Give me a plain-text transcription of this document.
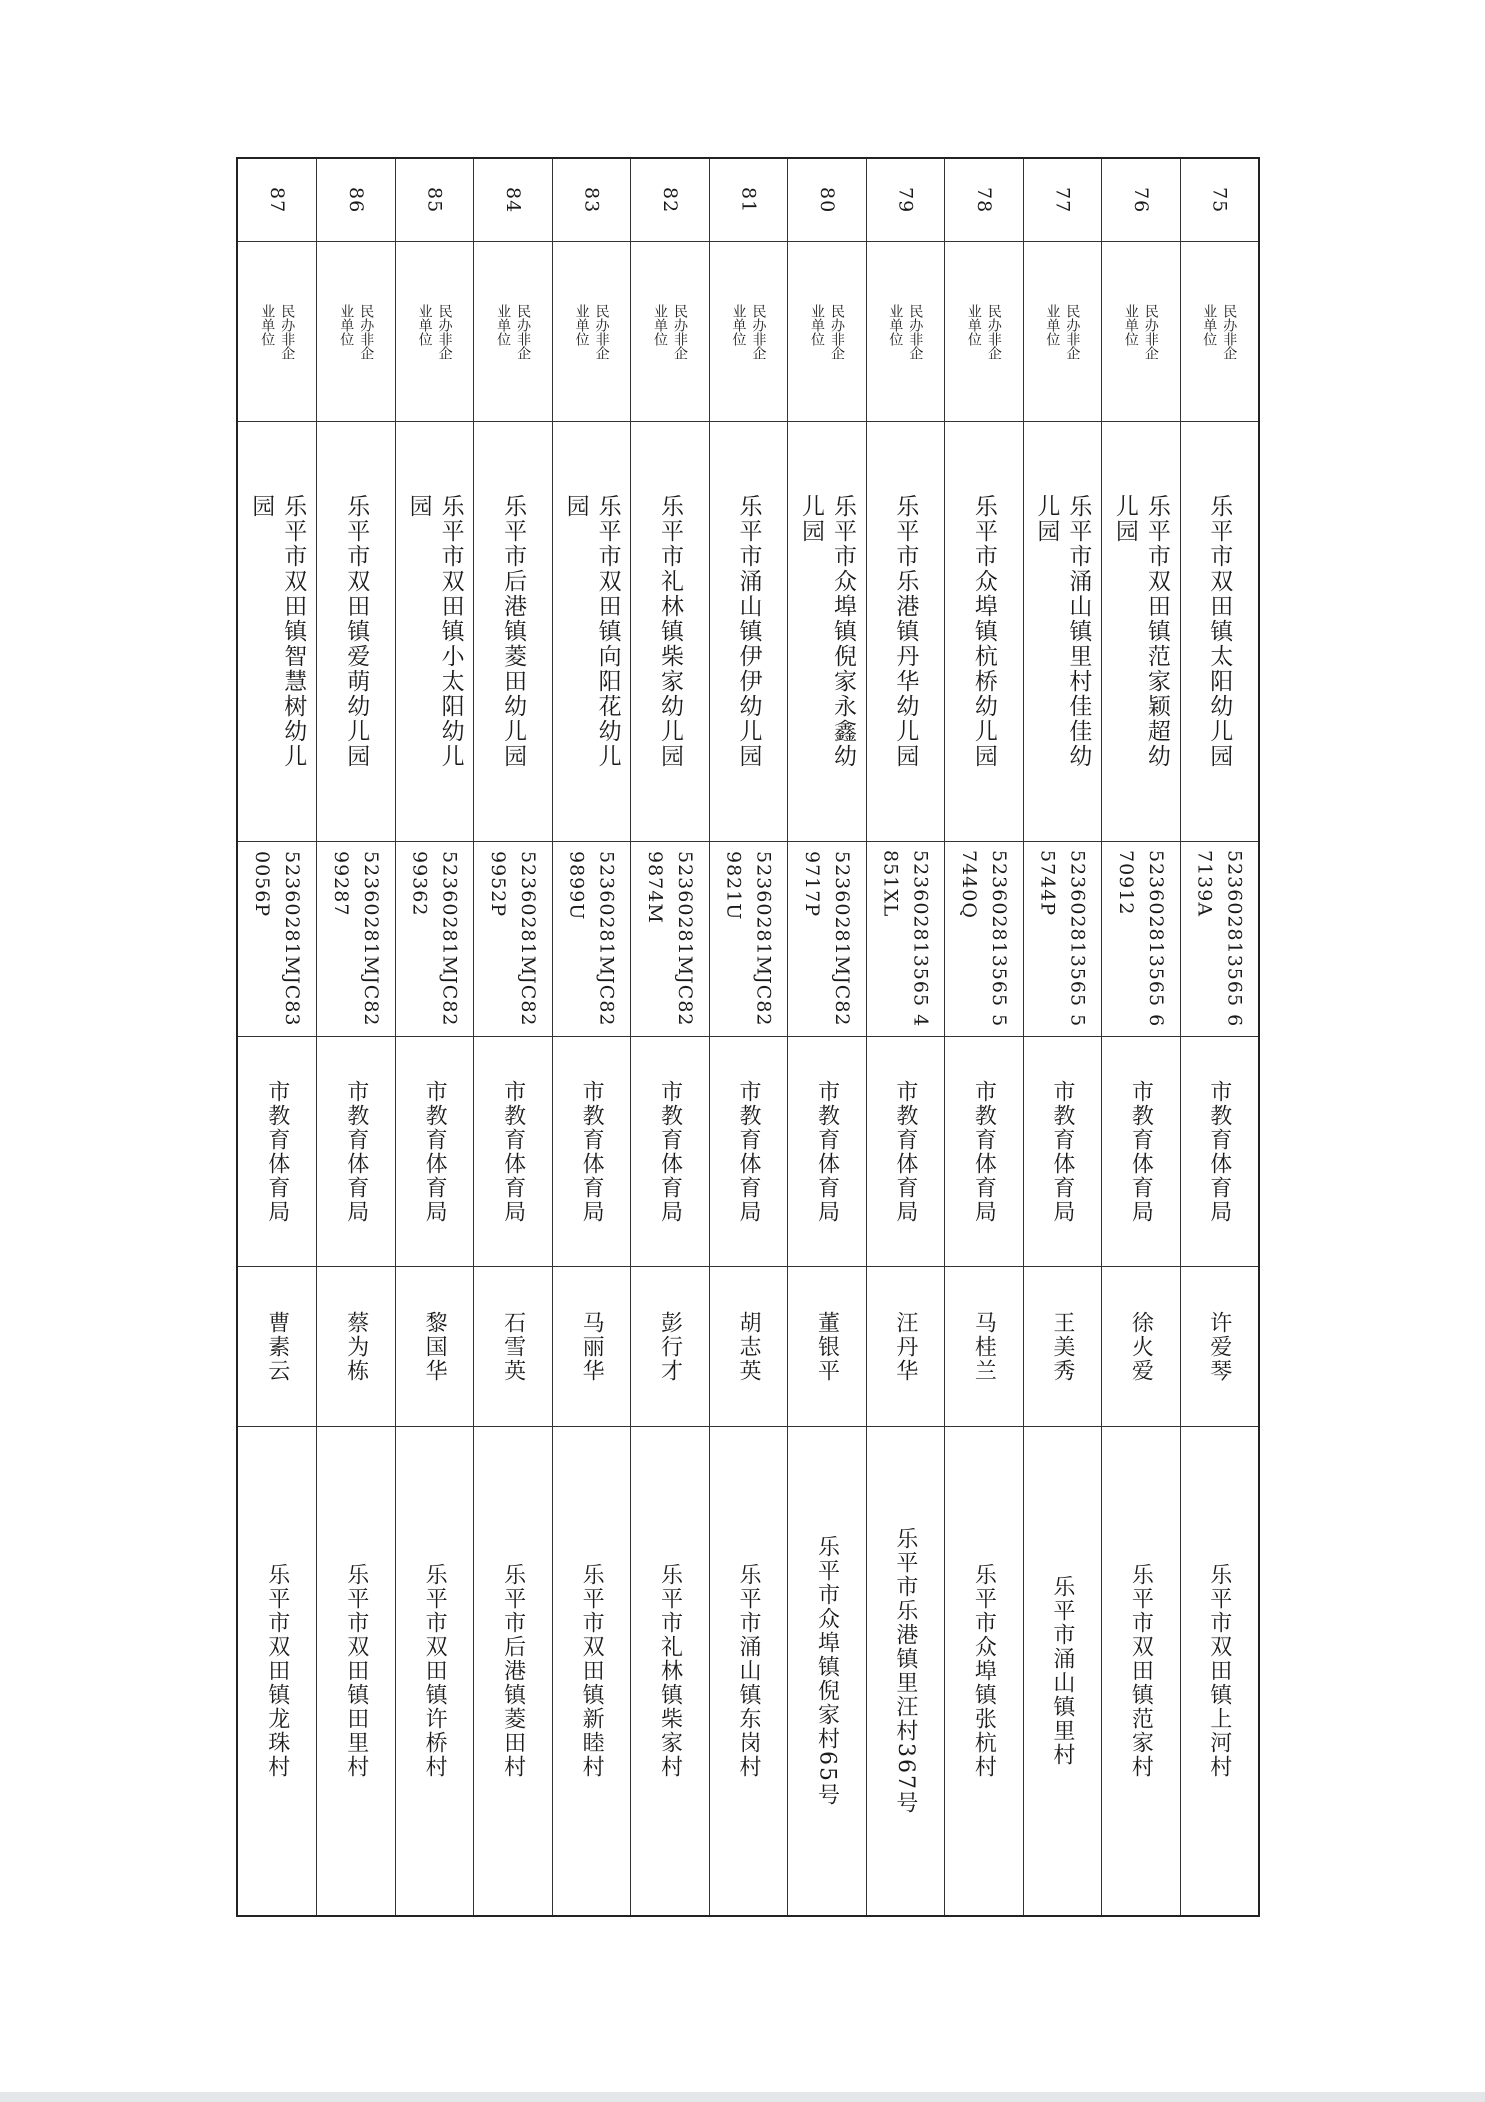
75
民办非企
业单位
乐平市双田镇太阳幼儿园
523602813565 6
7139A
市教育体育局
许爱琴
乐平市双田镇上河村
76
民办非企
业单位
乐平市双田镇范家颖超幼
儿园
523602813565 6
70912
市教育体育局
徐火爱
乐平市双田镇范家村
77
民办非企
业单位
乐平市涌山镇里村佳佳幼
儿园
523602813565 5
5744P
市教育体育局
王美秀
乐平市涌山镇里村
78
民办非企
业单位
乐平市众埠镇杭桥幼儿园
523602813565 5
7440Q
市教育体育局
马桂兰
乐平市众埠镇张杭村
79
民办非企
业单位
乐平市乐港镇丹华幼儿园
523602813565 4
851XL
市教育体育局
汪丹华
乐平市乐港镇里汪村367号
80
民办非企
业单位
乐平市众埠镇倪家永鑫幼
儿园
52360281MJC82
9717P
市教育体育局
董银平
乐平市众埠镇倪家村65号
81
民办非企
业单位
乐平市涌山镇伊伊幼儿园
52360281MJC82
9821U
市教育体育局
胡志英
乐平市涌山镇东岗村
82
民办非企
业单位
乐平市礼林镇柴家幼儿园
52360281MJC82
9874M
市教育体育局
彭行才
乐平市礼林镇柴家村
83
民办非企
业单位
乐平市双田镇向阳花幼儿
园
52360281MJC82
9899U
市教育体育局
马丽华
乐平市双田镇新睦村
84
民办非企
业单位
乐平市后港镇菱田幼儿园
52360281MJC82
9952P
市教育体育局
石雪英
乐平市后港镇菱田村
85
民办非企
业单位
乐平市双田镇小太阳幼儿
园
52360281MJC82
99362
市教育体育局
黎国华
乐平市双田镇许桥村
86
民办非企
业单位
乐平市双田镇爱萌幼儿园
52360281MJC82
99287
市教育体育局
蔡为栋
乐平市双田镇田里村
87
民办非企
业单位
乐平市双田镇智慧树幼儿
园
52360281MJC83
0056P
市教育体育局
曹素云
乐平市双田镇龙珠村
